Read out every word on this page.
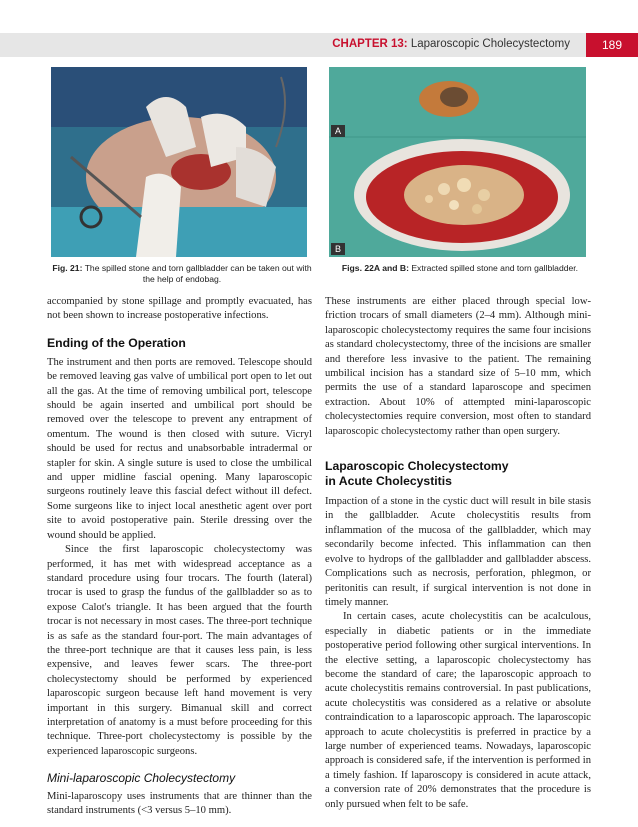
CHAPTER 13: Laparoscopic Cholecystectomy	189
Fig. 21: The spilled stone and torn gallbladder can be taken out with the help of endobag.
A
B
Figs. 22A and B: Extracted spilled stone and torn gallbladder.

accompanied by stone spillage and promptly evacuated, has not been shown to increase postoperative infections.

Ending of the Operation

The instrument and then ports are removed. Telescope should be removed leaving gas valve of umbilical port open to let out all the gas. At the time of removing umbilical port, telescope should be again inserted and umbilical port should be removed over the telescope to prevent any entrapment of omentum. The wound is then closed with suture. Vicryl should be used for rectus and unabsorbable intradermal or stapler for skin. A single suture is used to close the umbilical and upper midline fascial opening. Many laparoscopic surgeons routinely leave this fascial defect without ill defect. Some surgeons like to inject local anesthetic agent over port site to avoid postoperative pain. Sterile dressing over the wound should be applied.

Since the first laparoscopic cholecystectomy was performed, it has met with widespread acceptance as a standard procedure using four trocars. The fourth (lateral) trocar is used to grasp the fundus of the gallbladder so as to expose Calot's triangle. It has been argued that the fourth trocar is not necessary in most cases. The three-port technique is as safe as the standard four-port. The main advantages of the three-port technique are that it causes less pain, is less expensive, and leaves fewer scars. The three-port cholecystectomy should be performed by experienced laparoscopic surgeon because left hand movement is very important in this surgery. Bimanual skill and correct interpretation of anatomy is a must before proceeding for this technique. Three-port cholecystectomy is possible by the experienced laparoscopic surgeons.

Mini-laparoscopic Cholecystectomy

Mini-laparoscopy uses instruments that are thinner than the standard instruments (<3 versus 5–10 mm).

These instruments are either placed through special low-friction trocars of small diameters (2–4 mm). Although mini-laparoscopic cholecystectomy requires the same four incisions as standard cholecystectomy, three of the incisions are smaller and therefore less invasive to the patient. The remaining umbilical incision has a standard size of 5–10 mm, which permits the use of a standard laparoscope and specimen extraction. About 10% of attempted mini-laparoscopic cholecystectomies require conversion, most often to standard laparoscopic cholecystectomy rather than open surgery.

Laparoscopic Cholecystectomy
in Acute Cholecystitis

Impaction of a stone in the cystic duct will result in bile stasis in the gallbladder. Acute cholecystitis results from inflammation of the mucosa of the gallbladder, which may secondarily become infected. This inflammation can then evolve to hydrops of the gallbladder and gallbladder abscess. Complications such as necrosis, perforation, phlegmon, or peritonitis can result, if surgical intervention is not done in timely manner.

In certain cases, acute cholecystitis can be acalculous, especially in diabetic patients or in the immediate postoperative period following other surgical interventions. In the elective setting, a laparoscopic cholecystectomy has become the standard of care; the laparoscopic approach to acute cholecystitis remains controversial. In past publications, acute cholecystitis was considered as a relative or absolute contraindication to a laparoscopic approach. The laparoscopic approach to acute cholecystitis is preferred in practice by a large number of experienced teams. Nowadays, laparoscopic approach is considered safe, if the intervention is performed in a timely fashion. If laparoscopy is considered in acute attack, a conversion rate of 20% demonstrates that the procedure is only pursued when felt to be safe.
